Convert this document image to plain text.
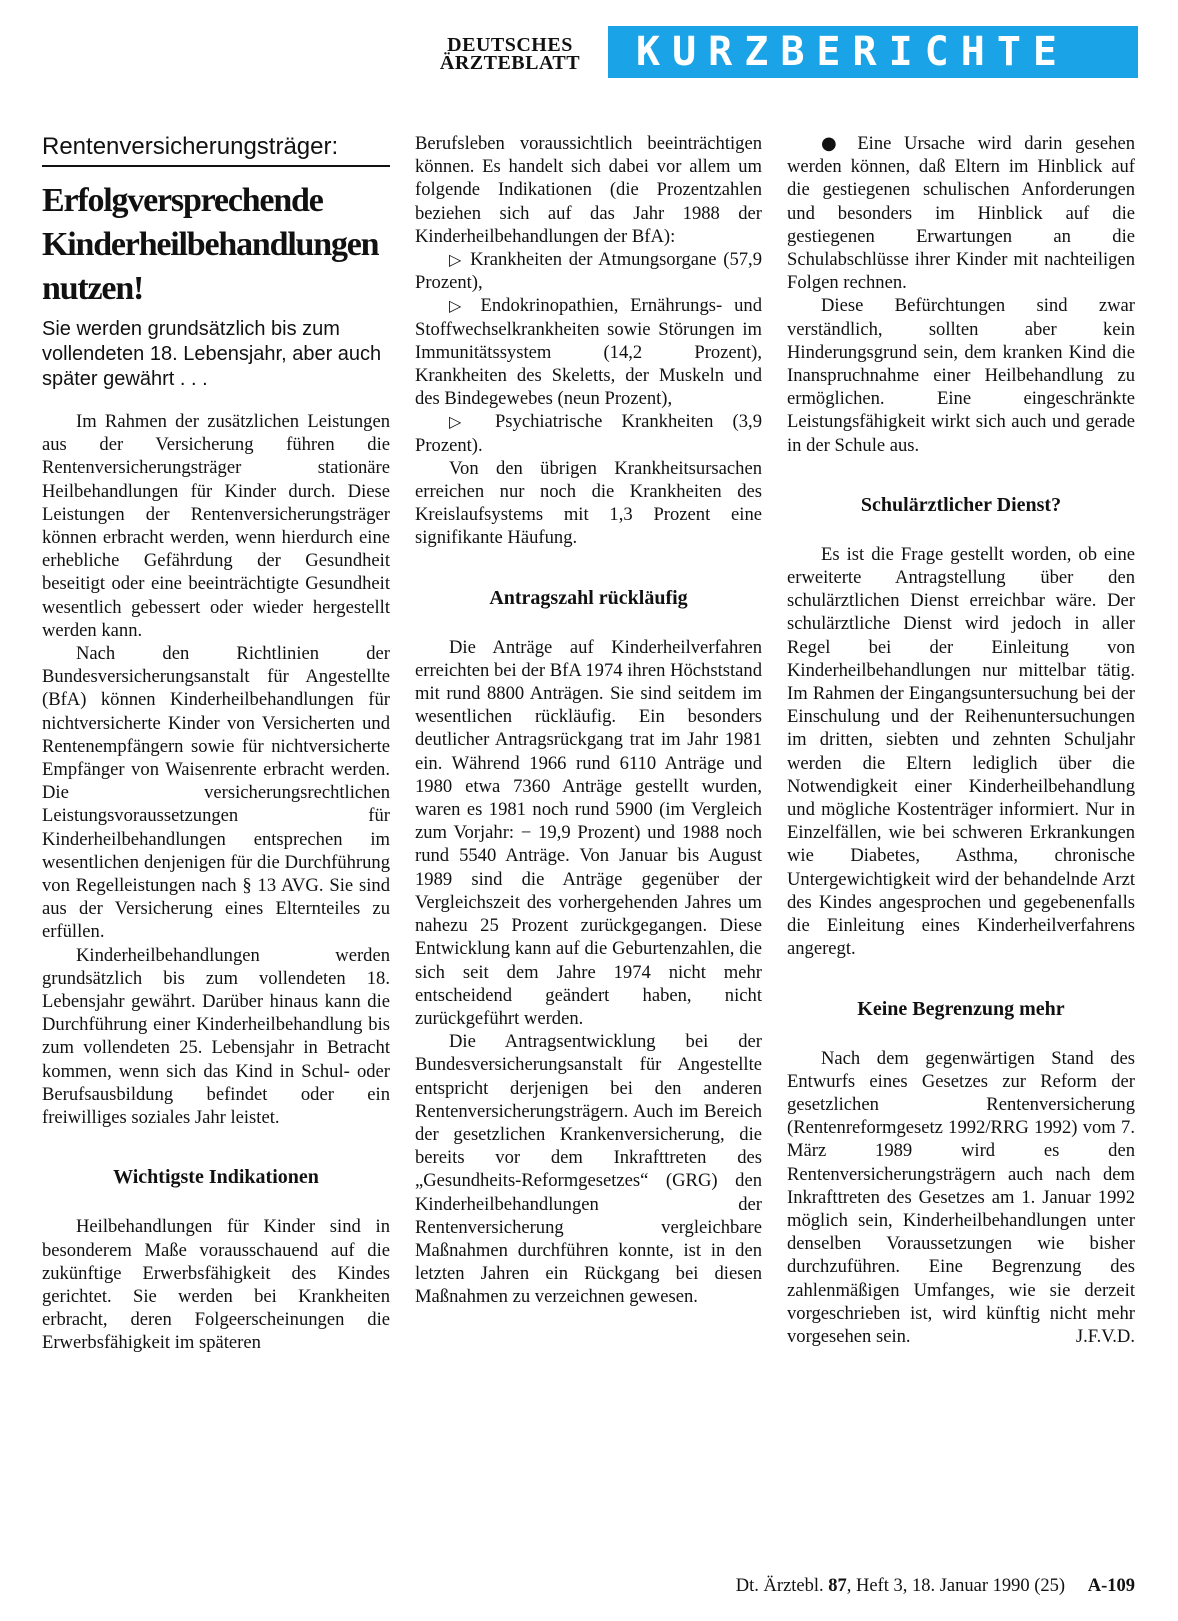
DEUTSCHES
ÄRZTEBLATT	KURZBERICHTE
Rentenversicherungsträger:
Erfolgversprechende Kinderheilbehandlungen nutzen!
Sie werden grundsätzlich bis zum vollendeten 18. Lebensjahr, aber auch später gewährt . . .

Im Rahmen der zusätzlichen Leistungen aus der Versicherung führen die Rentenversicherungsträger stationäre Heilbehandlungen für Kinder durch. Diese Leistungen der Rentenversicherungsträger können erbracht werden, wenn hierdurch eine erhebliche Gefährdung der Gesundheit beseitigt oder eine beeinträchtigte Gesundheit wesentlich gebessert oder wieder hergestellt werden kann.

Nach den Richtlinien der Bundesversicherungsanstalt für Angestellte (BfA) können Kinderheilbehandlungen für nichtversicherte Kinder von Versicherten und Rentenempfängern sowie für nichtversicherte Empfänger von Waisenrente erbracht werden. Die versicherungsrechtlichen Leistungsvoraussetzungen für Kinderheilbehandlungen entsprechen im wesentlichen denjenigen für die Durchführung von Regelleistungen nach § 13 AVG. Sie sind aus der Versicherung eines Elternteiles zu erfüllen.

Kinderheilbehandlungen werden grundsätzlich bis zum vollendeten 18. Lebensjahr gewährt. Darüber hinaus kann die Durchführung einer Kinderheilbehandlung bis zum vollendeten 25. Lebensjahr in Betracht kommen, wenn sich das Kind in Schul- oder Berufsausbildung befindet oder ein freiwilliges soziales Jahr leistet.

Wichtigste Indikationen

Heilbehandlungen für Kinder sind in besonderem Maße vorausschauend auf die zukünftige Erwerbsfähigkeit des Kindes gerichtet. Sie werden bei Krankheiten erbracht, deren Folgeerscheinungen die Erwerbsfähigkeit im späteren

Berufsleben voraussichtlich beeinträchtigen können. Es handelt sich dabei vor allem um folgende Indikationen (die Prozentzahlen beziehen sich auf das Jahr 1988 der Kinderheilbehandlungen der BfA):

▷ Krankheiten der Atmungsorgane (57,9 Prozent),

▷ Endokrinopathien, Ernährungs- und Stoffwechselkrankheiten sowie Störungen im Immunitätssystem (14,2 Prozent), Krankheiten des Skeletts, der Muskeln und des Bindegewebes (neun Prozent),

▷ Psychiatrische Krankheiten (3,9 Prozent).

Von den übrigen Krankheitsursachen erreichen nur noch die Krankheiten des Kreislaufsystems mit 1,3 Prozent eine signifikante Häufung.

Antragszahl rückläufig

Die Anträge auf Kinderheilverfahren erreichten bei der BfA 1974 ihren Höchststand mit rund 8800 Anträgen. Sie sind seitdem im wesentlichen rückläufig. Ein besonders deutlicher Antragsrückgang trat im Jahr 1981 ein. Während 1966 rund 6110 Anträge und 1980 etwa 7360 Anträge gestellt wurden, waren es 1981 noch rund 5900 (im Vergleich zum Vorjahr: − 19,9 Prozent) und 1988 noch rund 5540 Anträge. Von Januar bis August 1989 sind die Anträge gegenüber der Vergleichszeit des vorhergehenden Jahres um nahezu 25 Prozent zurückgegangen. Diese Entwicklung kann auf die Geburtenzahlen, die sich seit dem Jahre 1974 nicht mehr entscheidend geändert haben, nicht zurückgeführt werden.

Die Antragsentwicklung bei der Bundesversicherungsanstalt für Angestellte entspricht derjenigen bei den anderen Rentenversicherungsträgern. Auch im Bereich der gesetzlichen Krankenversicherung, die bereits vor dem Inkrafttreten des „Gesundheits-Reformgesetzes“ (GRG) den Kinderheilbehandlungen der Rentenversicherung vergleichbare Maßnahmen durchführen konnte, ist in den letzten Jahren ein Rückgang bei diesen Maßnahmen zu verzeichnen gewesen.

● Eine Ursache wird darin gesehen werden können, daß Eltern im Hinblick auf die gestiegenen schulischen Anforderungen und besonders im Hinblick auf die gestiegenen Erwartungen an die Schulabschlüsse ihrer Kinder mit nachteiligen Folgen rechnen.

Diese Befürchtungen sind zwar verständlich, sollten aber kein Hinderungsgrund sein, dem kranken Kind die Inanspruchnahme einer Heilbehandlung zu ermöglichen. Eine eingeschränkte Leistungsfähigkeit wirkt sich auch und gerade in der Schule aus.

Schulärztlicher Dienst?

Es ist die Frage gestellt worden, ob eine erweiterte Antragstellung über den schulärztlichen Dienst erreichbar wäre. Der schulärztliche Dienst wird jedoch in aller Regel bei der Einleitung von Kinderheilbehandlungen nur mittelbar tätig. Im Rahmen der Eingangsuntersuchung bei der Einschulung und der Reihenuntersuchungen im dritten, siebten und zehnten Schuljahr werden die Eltern lediglich über die Notwendigkeit einer Kinderheilbehandlung und mögliche Kostenträger informiert. Nur in Einzelfällen, wie bei schweren Erkrankungen wie Diabetes, Asthma, chronische Untergewichtigkeit wird der behandelnde Arzt des Kindes angesprochen und gegebenenfalls die Einleitung eines Kinderheilverfahrens angeregt.

Keine Begrenzung mehr

Nach dem gegenwärtigen Stand des Entwurfs eines Gesetzes zur Reform der gesetzlichen Rentenversicherung (Rentenreformgesetz 1992/RRG 1992) vom 7. März 1989 wird es den Rentenversicherungsträgern auch nach dem Inkrafttreten des Gesetzes am 1. Januar 1992 möglich sein, Kinderheilbehandlungen unter denselben Voraussetzungen wie bisher durchzuführen. Eine Begrenzung des zahlenmäßigen Umfanges, wie sie derzeit vorgeschrieben ist, wird künftig nicht mehr vorgesehen sein.	J.F.V.D.

Dt. Ärztebl. 87, Heft 3, 18. Januar 1990 (25) A-109
